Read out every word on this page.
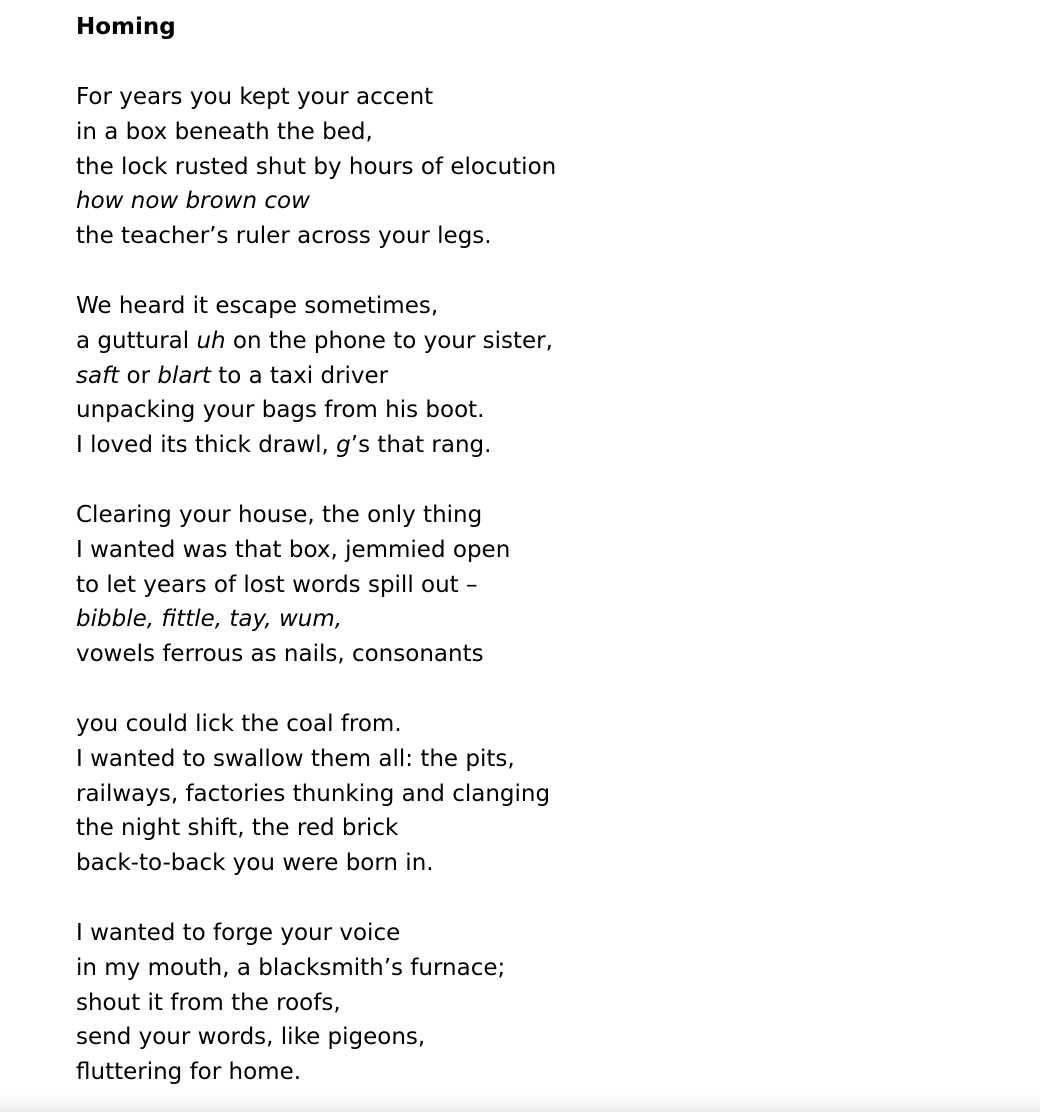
Homing
For years you kept your accent
in a box beneath the bed,
the lock rusted shut by hours of elocution
how now brown cow
the teacher’s ruler across your legs.
We heard it escape sometimes,
a guttural uh on the phone to your sister,
saft or blart to a taxi driver
unpacking your bags from his boot.
I loved its thick drawl, g’s that rang.
Clearing your house, the only thing
I wanted was that box, jemmied open
to let years of lost words spill out –
bibble, fittle, tay, wum,
vowels ferrous as nails, consonants
you could lick the coal from.
I wanted to swallow them all: the pits,
railways, factories thunking and clanging
the night shift, the red brick
back-to-back you were born in.
I wanted to forge your voice
in my mouth, a blacksmith’s furnace;
shout it from the roofs,
send your words, like pigeons,
fluttering for home.
